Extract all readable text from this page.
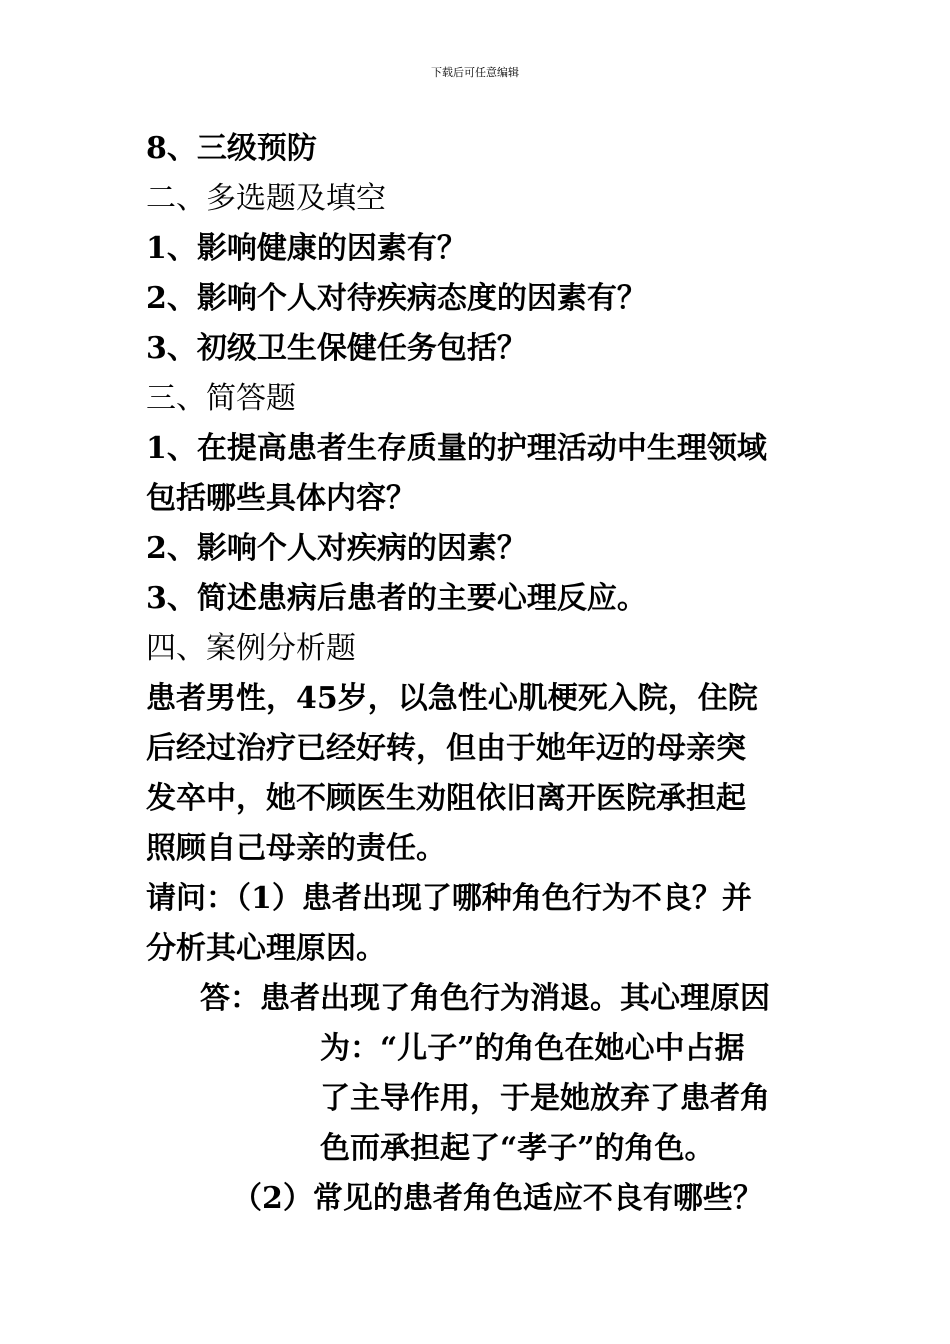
下载后可任意编辑
8、三级预防
二、多选题及填空
1、影响健康的因素有？
2、影响个人对待疾病态度的因素有？
3、初级卫生保健任务包括？
三、简答题
1、在提高患者生存质量的护理活动中生理领域
包括哪些具体内容？
2、影响个人对疾病的因素？
3、简述患病后患者的主要心理反应。
四、案例分析题
患者男性，45岁，以急性心肌梗死入院，住院
后经过治疗已经好转，但由于她年迈的母亲突
发卒中，她不顾医生劝阻依旧离开医院承担起
照顾自己母亲的责任。
请问：（1）患者出现了哪种角色行为不良？并
分析其心理原因。
答：患者出现了角色行为消退。其心理原因
为：“儿子”的角色在她心中占据
了主导作用，于是她放弃了患者角
色而承担起了“孝子”的角色。
（2）常见的患者角色适应不良有哪些？
